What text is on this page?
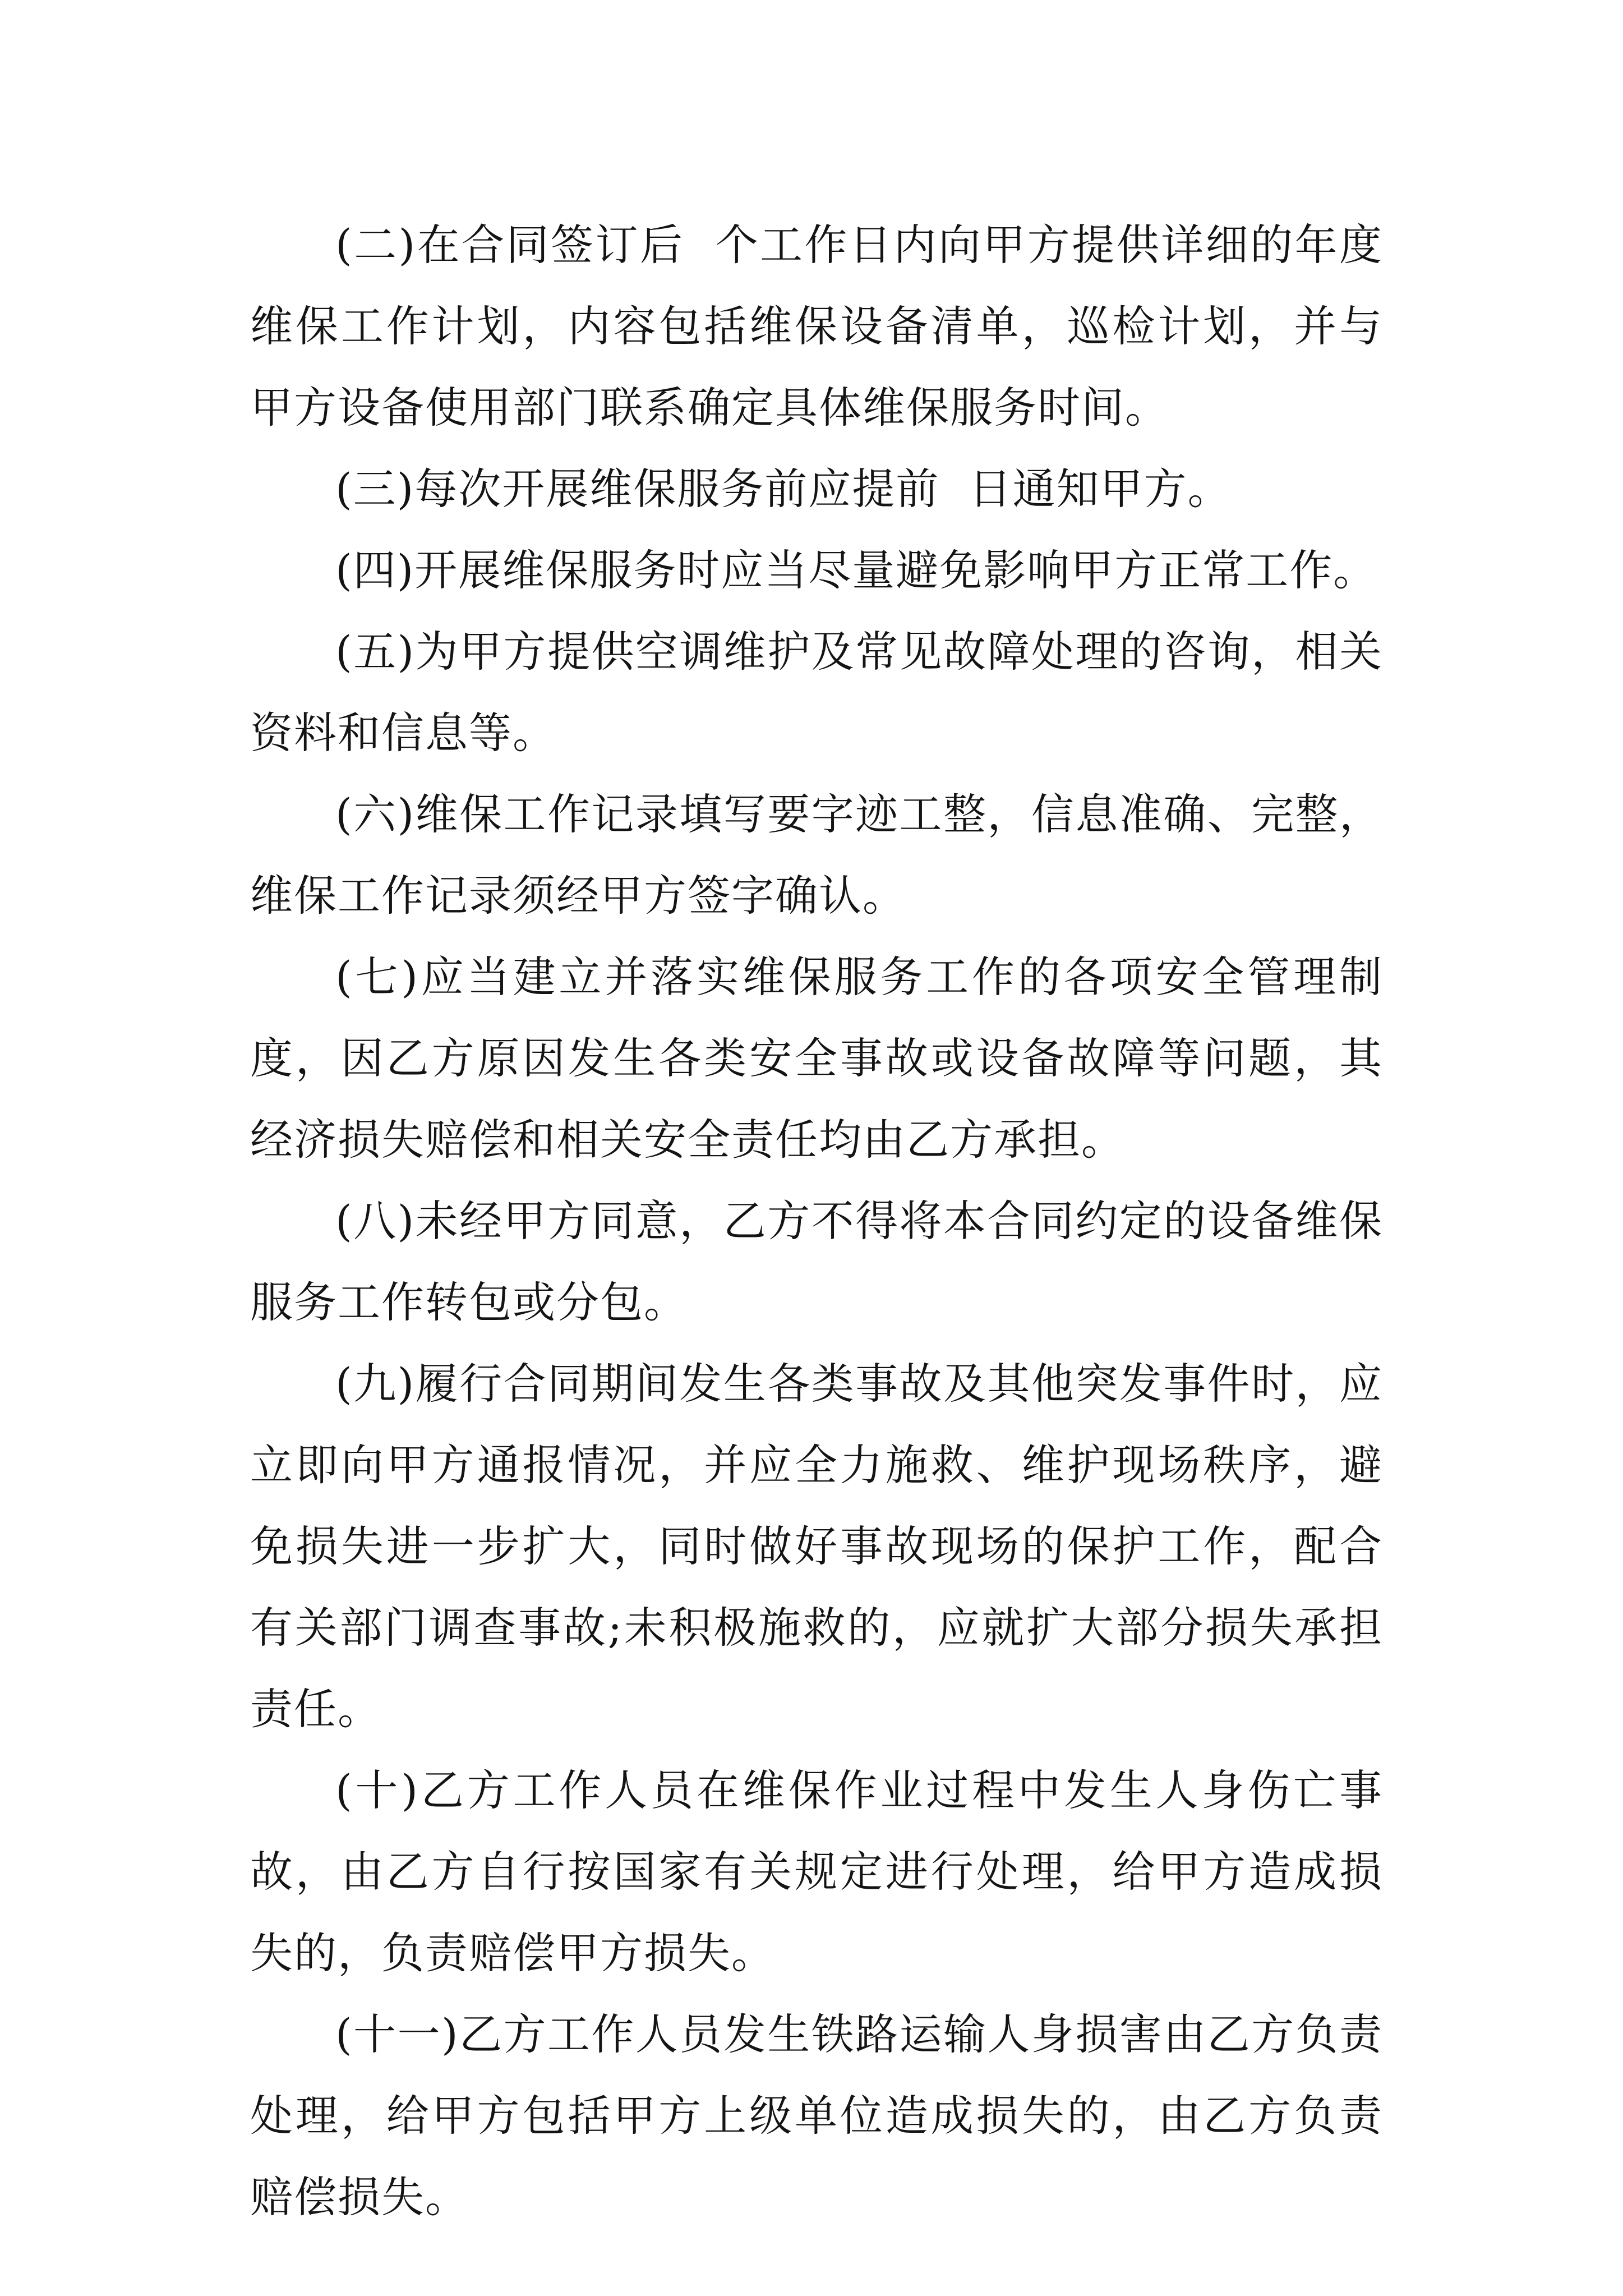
(二)在合同签订后  个工作日内向甲方提供详细的年度维保工作计划，内容包括维保设备清单，巡检计划，并与甲方设备使用部门联系确定具体维保服务时间。

(三)每次开展维保服务前应提前  日通知甲方。

(四)开展维保服务时应当尽量避免影响甲方正常工作。

(五)为甲方提供空调维护及常见故障处理的咨询，相关资料和信息等。

(六)维保工作记录填写要字迹工整，信息准确、完整，维保工作记录须经甲方签字确认。

(七)应当建立并落实维保服务工作的各项安全管理制度，因乙方原因发生各类安全事故或设备故障等问题，其经济损失赔偿和相关安全责任均由乙方承担。

(八)未经甲方同意，乙方不得将本合同约定的设备维保服务工作转包或分包。

(九)履行合同期间发生各类事故及其他突发事件时，应立即向甲方通报情况，并应全力施救、维护现场秩序，避免损失进一步扩大，同时做好事故现场的保护工作，配合有关部门调查事故;未积极施救的，应就扩大部分损失承担责任。

(十)乙方工作人员在维保作业过程中发生人身伤亡事故，由乙方自行按国家有关规定进行处理，给甲方造成损失的，负责赔偿甲方损失。

(十一)乙方工作人员发生铁路运输人身损害由乙方负责处理，给甲方包括甲方上级单位造成损失的，由乙方负责赔偿损失。
